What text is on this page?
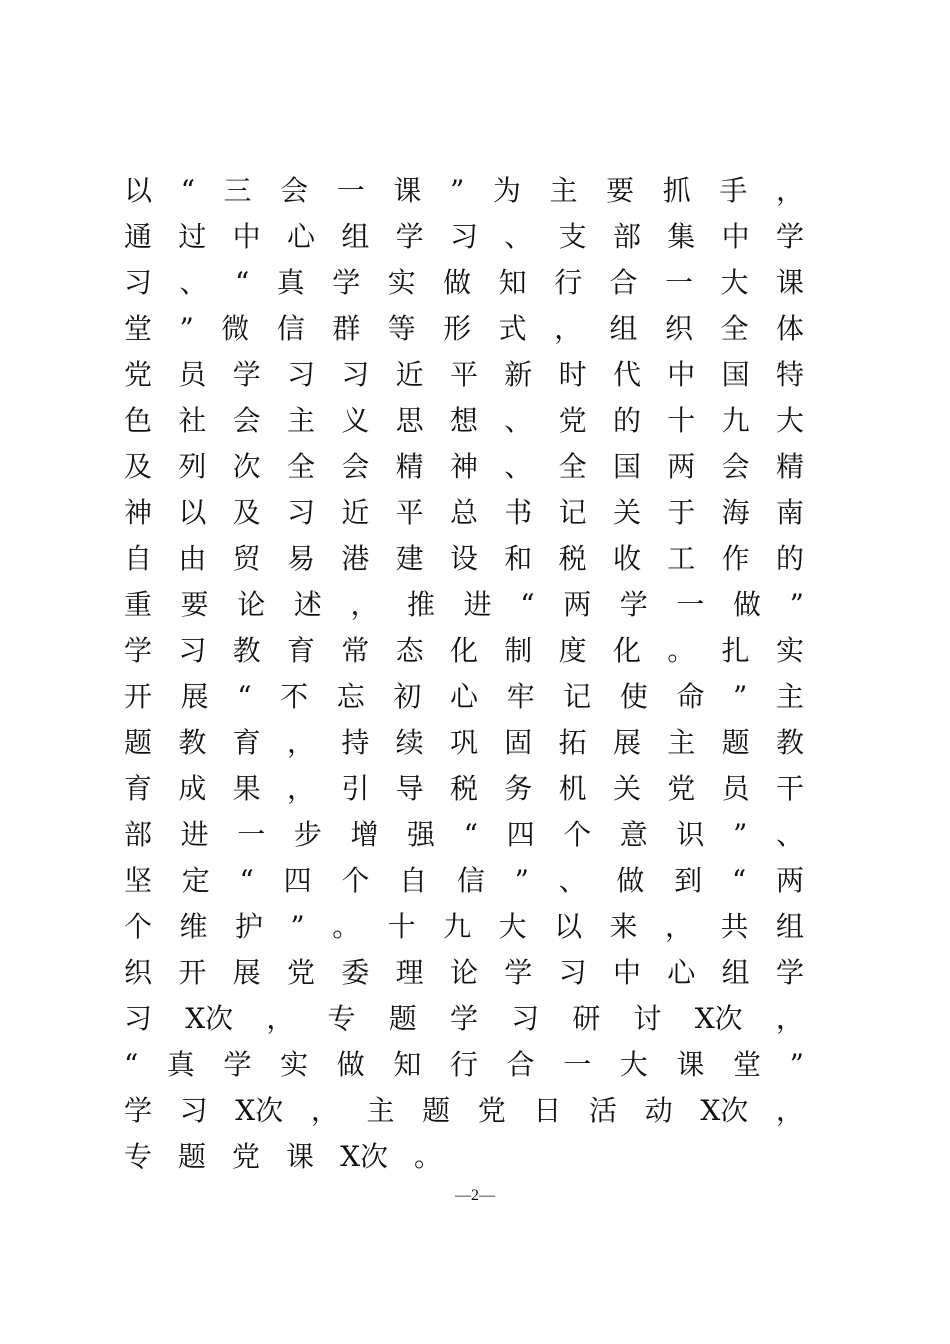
以 “ 三 会 一 课 ” 为 主 要 抓 手 ，
通 过 中 心 组 学 习 、 支 部 集 中 学
习 、 “ 真 学 实 做 知 行 合 一 大 课
堂 ” 微 信 群 等 形 式 ， 组 织 全 体
党 员 学 习 习 近 平 新 时 代 中 国 特
色 社 会 主 义 思 想 、 党 的 十 九 大
及 列 次 全 会 精 神 、 全 国 两 会 精
神 以 及 习 近 平 总 书 记 关 于 海 南
自 由 贸 易 港 建 设 和 税 收 工 作 的
重 要 论 述 ， 推 进 “ 两 学 一 做 ”
学 习 教 育 常 态 化 制 度 化 。 扎 实
开 展 “ 不 忘 初 心 牢 记 使 命 ” 主
题 教 育 ， 持 续 巩 固 拓 展 主 题 教
育 成 果 ， 引 导 税 务 机 关 党 员 干
部 进 一 步 增 强 “ 四 个 意 识 ” 、
坚 定 “ 四 个 自 信 ” 、 做 到 “ 两
个 维 护 ” 。 十 九 大 以 来 ， 共 组
织 开 展 党 委 理 论 学 习 中 心 组 学
习 X次 ， 专 题 学 习 研 讨 X次 ，
“ 真 学 实 做 知 行 合 一 大 课 堂 ”
学 习 X次 ， 主 题 党 日 活 动 X次 ，
专 题 党 课 X次 。
—2—
